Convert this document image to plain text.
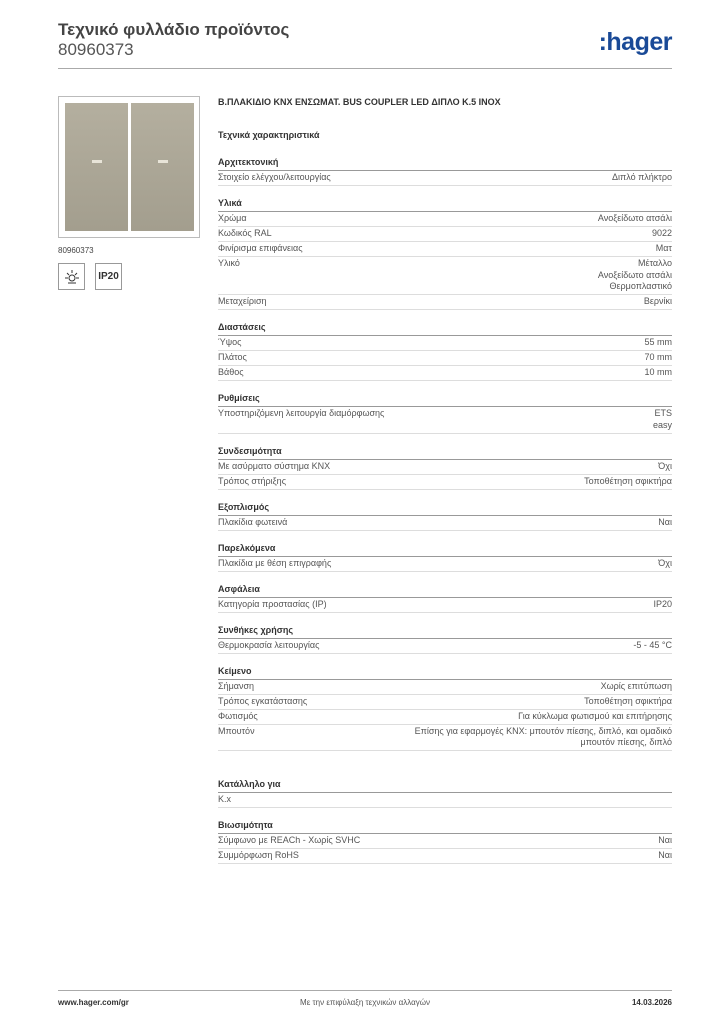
Τεχνικό φυλλάδιο προϊόντος
80960373	:hager
80960373
IP20
Β.ΠΛΑΚΙΔΙΟ KNX ΕΝΣΩΜΑΤ. BUS COUPLER LED ΔΙΠΛΟ Κ.5 INOX
Τεχνικά χαρακτηριστικά
Αρχιτεκτονική
Στοιχείο ελέγχου/λειτουργίας	Διπλό πλήκτρο
Υλικά
Χρώμα	Ανοξείδωτο ατσάλι
Κωδικός RAL	9022
Φινίρισμα επιφάνειας	Ματ
Υλικό	Μέταλλο
Ανοξείδωτο ατσάλι
Θερμοπλαστικό
Μεταχείριση	Βερνίκι
Διαστάσεις
Ύψος	55 mm
Πλάτος	70 mm
Βάθος	10 mm
Ρυθμίσεις
Υποστηριζόμενη λειτουργία διαμόρφωσης	ETS
easy
Συνδεσιμότητα
Με ασύρματο σύστημα KNX	Όχι
Τρόπος στήριξης	Τοποθέτηση σφικτήρα
Εξοπλισμός
Πλακίδια φωτεινά	Ναι
Παρελκόμενα
Πλακίδια με θέση επιγραφής	Όχι
Ασφάλεια
Κατηγορία προστασίας (IP)	IP20
Συνθήκες χρήσης
Θερμοκρασία λειτουργίας	-5 - 45 °C
Κείμενο
Σήμανση	Χωρίς επιτύπωση
Τρόπος εγκατάστασης	Τοποθέτηση σφικτήρα
Φωτισμός	Για κύκλωμα φωτισμού και επιτήρησης
Μπουτόν	Επίσης για εφαρμογές KNX: μπουτόν πίεσης, διπλό, και ομαδικό
μπουτόν πίεσης, διπλό
Κατάλληλο για
K.x
Βιωσιμότητα
Σύμφωνο με REACh - Χωρίς SVHC	Ναι
Συμμόρφωση RoHS	Ναι
Με την επιφύλαξη τεχνικών αλλαγών
www.hager.com/gr	14.03.2026
